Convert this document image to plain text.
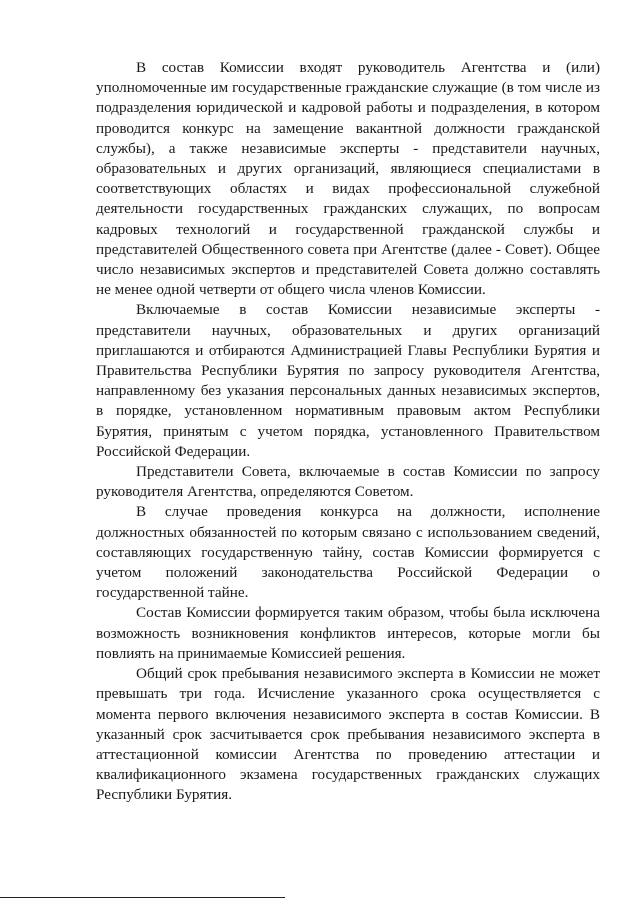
В состав Комиссии входят руководитель Агентства и (или) уполномоченные им государственные гражданские служащие (в том числе из подразделения юридической и кадровой работы и подразделения, в котором проводится конкурс на замещение вакантной должности гражданской службы), а также независимые эксперты - представители научных, образовательных и других организаций, являющиеся специалистами в соответствующих областях и видах профессиональной служебной деятельности государственных гражданских служащих, по вопросам кадровых технологий и государственной гражданской службы и представителей Общественного совета при Агентстве (далее - Совет). Общее число независимых экспертов и представителей Совета должно составлять не менее одной четверти от общего числа членов Комиссии.

Включаемые в состав Комиссии независимые эксперты - представители научных, образовательных и других организаций приглашаются и отбираются Администрацией Главы Республики Бурятия и Правительства Республики Бурятия по запросу руководителя Агентства, направленному без указания персональных данных независимых экспертов, в порядке, установленном нормативным правовым актом Республики Бурятия, принятым с учетом порядка, установленного Правительством Российской Федерации.

Представители Совета, включаемые в состав Комиссии по запросу руководителя Агентства, определяются Советом.

В случае проведения конкурса на должности, исполнение должностных обязанностей по которым связано с использованием сведений, составляющих государственную тайну, состав Комиссии формируется с учетом положений законодательства Российской Федерации о государственной тайне.

Состав Комиссии формируется таким образом, чтобы была исключена возможность возникновения конфликтов интересов, которые могли бы повлиять на принимаемые Комиссией решения.

Общий срок пребывания независимого эксперта в Комиссии не может превышать три года. Исчисление указанного срока осуществляется с момента первого включения независимого эксперта в состав Комиссии. В указанный срок засчитывается срок пребывания независимого эксперта в аттестационной комиссии Агентства по проведению аттестации и квалификационного экзамена государственных гражданских служащих Республики Бурятия.
